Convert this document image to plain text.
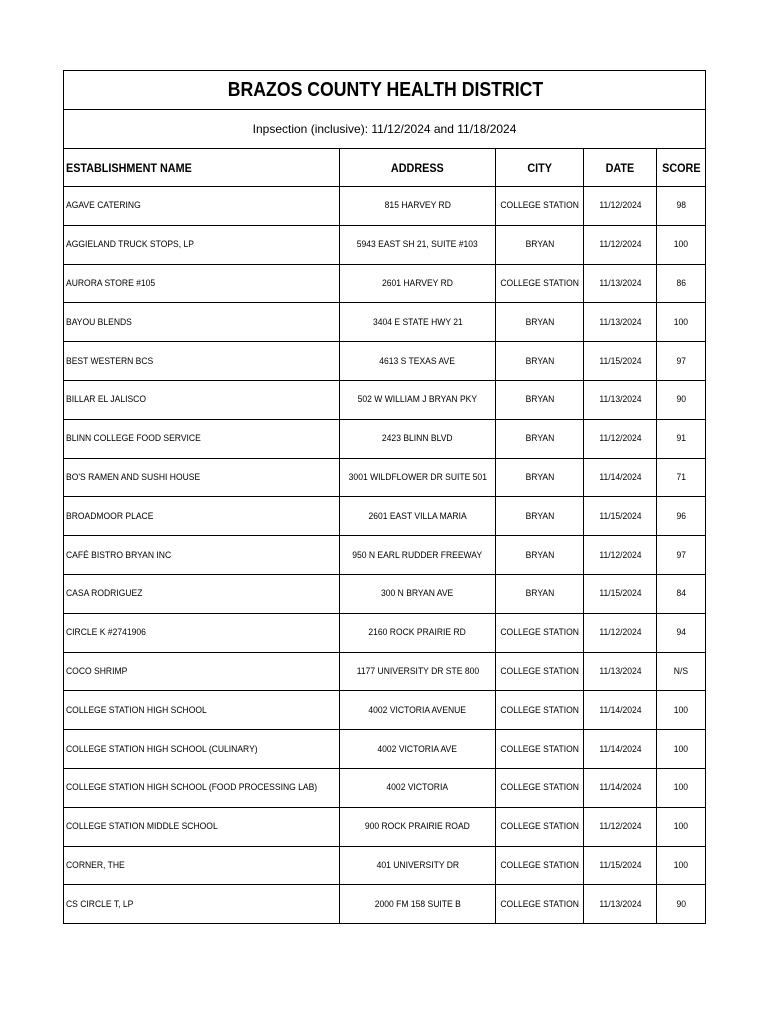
BRAZOS COUNTY HEALTH DISTRICT				
Inpsection (inclusive): 11/12/2024 and 11/18/2024				
ESTABLISHMENT NAME	ADDRESS	CITY	DATE	SCORE
AGAVE CATERING	815 HARVEY RD	COLLEGE STATION	11/12/2024	98
AGGIELAND TRUCK STOPS, LP	5943 EAST SH 21, SUITE #103	BRYAN	11/12/2024	100
AURORA STORE #105	2601 HARVEY RD	COLLEGE STATION	11/13/2024	86
BAYOU BLENDS	3404 E STATE HWY 21	BRYAN	11/13/2024	100
BEST WESTERN BCS	4613 S TEXAS AVE	BRYAN	11/15/2024	97
BILLAR EL JALISCO	502 W WILLIAM J BRYAN PKY	BRYAN	11/13/2024	90
BLINN COLLEGE FOOD SERVICE	2423 BLINN BLVD	BRYAN	11/12/2024	91
BO'S RAMEN AND SUSHI HOUSE	3001 WILDFLOWER DR SUITE 501	BRYAN	11/14/2024	71
BROADMOOR PLACE	2601 EAST VILLA MARIA	BRYAN	11/15/2024	96
CAFÉ BISTRO BRYAN INC	950 N EARL RUDDER FREEWAY	BRYAN	11/12/2024	97
CASA RODRIGUEZ	300 N BRYAN AVE	BRYAN	11/15/2024	84
CIRCLE K #2741906	2160 ROCK PRAIRIE RD	COLLEGE STATION	11/12/2024	94
COCO SHRIMP	1177 UNIVERSITY DR STE 800	COLLEGE STATION	11/13/2024	N/S
COLLEGE STATION HIGH SCHOOL	4002 VICTORIA AVENUE	COLLEGE STATION	11/14/2024	100
COLLEGE STATION HIGH SCHOOL (CULINARY)	4002 VICTORIA AVE	COLLEGE STATION	11/14/2024	100
COLLEGE STATION HIGH SCHOOL (FOOD PROCESSING LAB)	4002 VICTORIA	COLLEGE STATION	11/14/2024	100
COLLEGE STATION MIDDLE SCHOOL	900 ROCK PRAIRIE ROAD	COLLEGE STATION	11/12/2024	100
CORNER, THE	401 UNIVERSITY DR	COLLEGE STATION	11/15/2024	100
CS CIRCLE T, LP	2000 FM 158 SUITE B	COLLEGE STATION	11/13/2024	90
